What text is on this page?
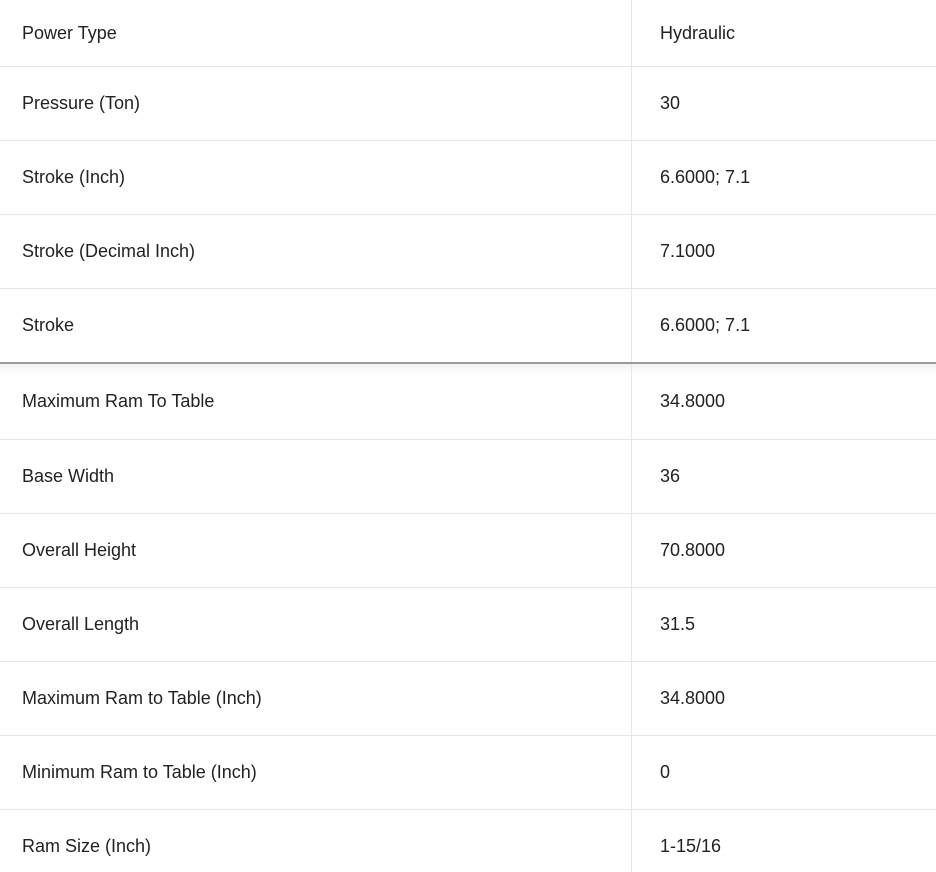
Power Type	Hydraulic
Pressure (Ton)	30
Stroke (Inch)	6.6000; 7.1
Stroke (Decimal Inch)	7.1000
Stroke	6.6000; 7.1
Maximum Ram To Table	34.8000
Base Width	36
Overall Height	70.8000
Overall Length	31.5
Maximum Ram to Table (Inch)	34.8000
Minimum Ram to Table (Inch)	0
Ram Size (Inch)	1-15/16
